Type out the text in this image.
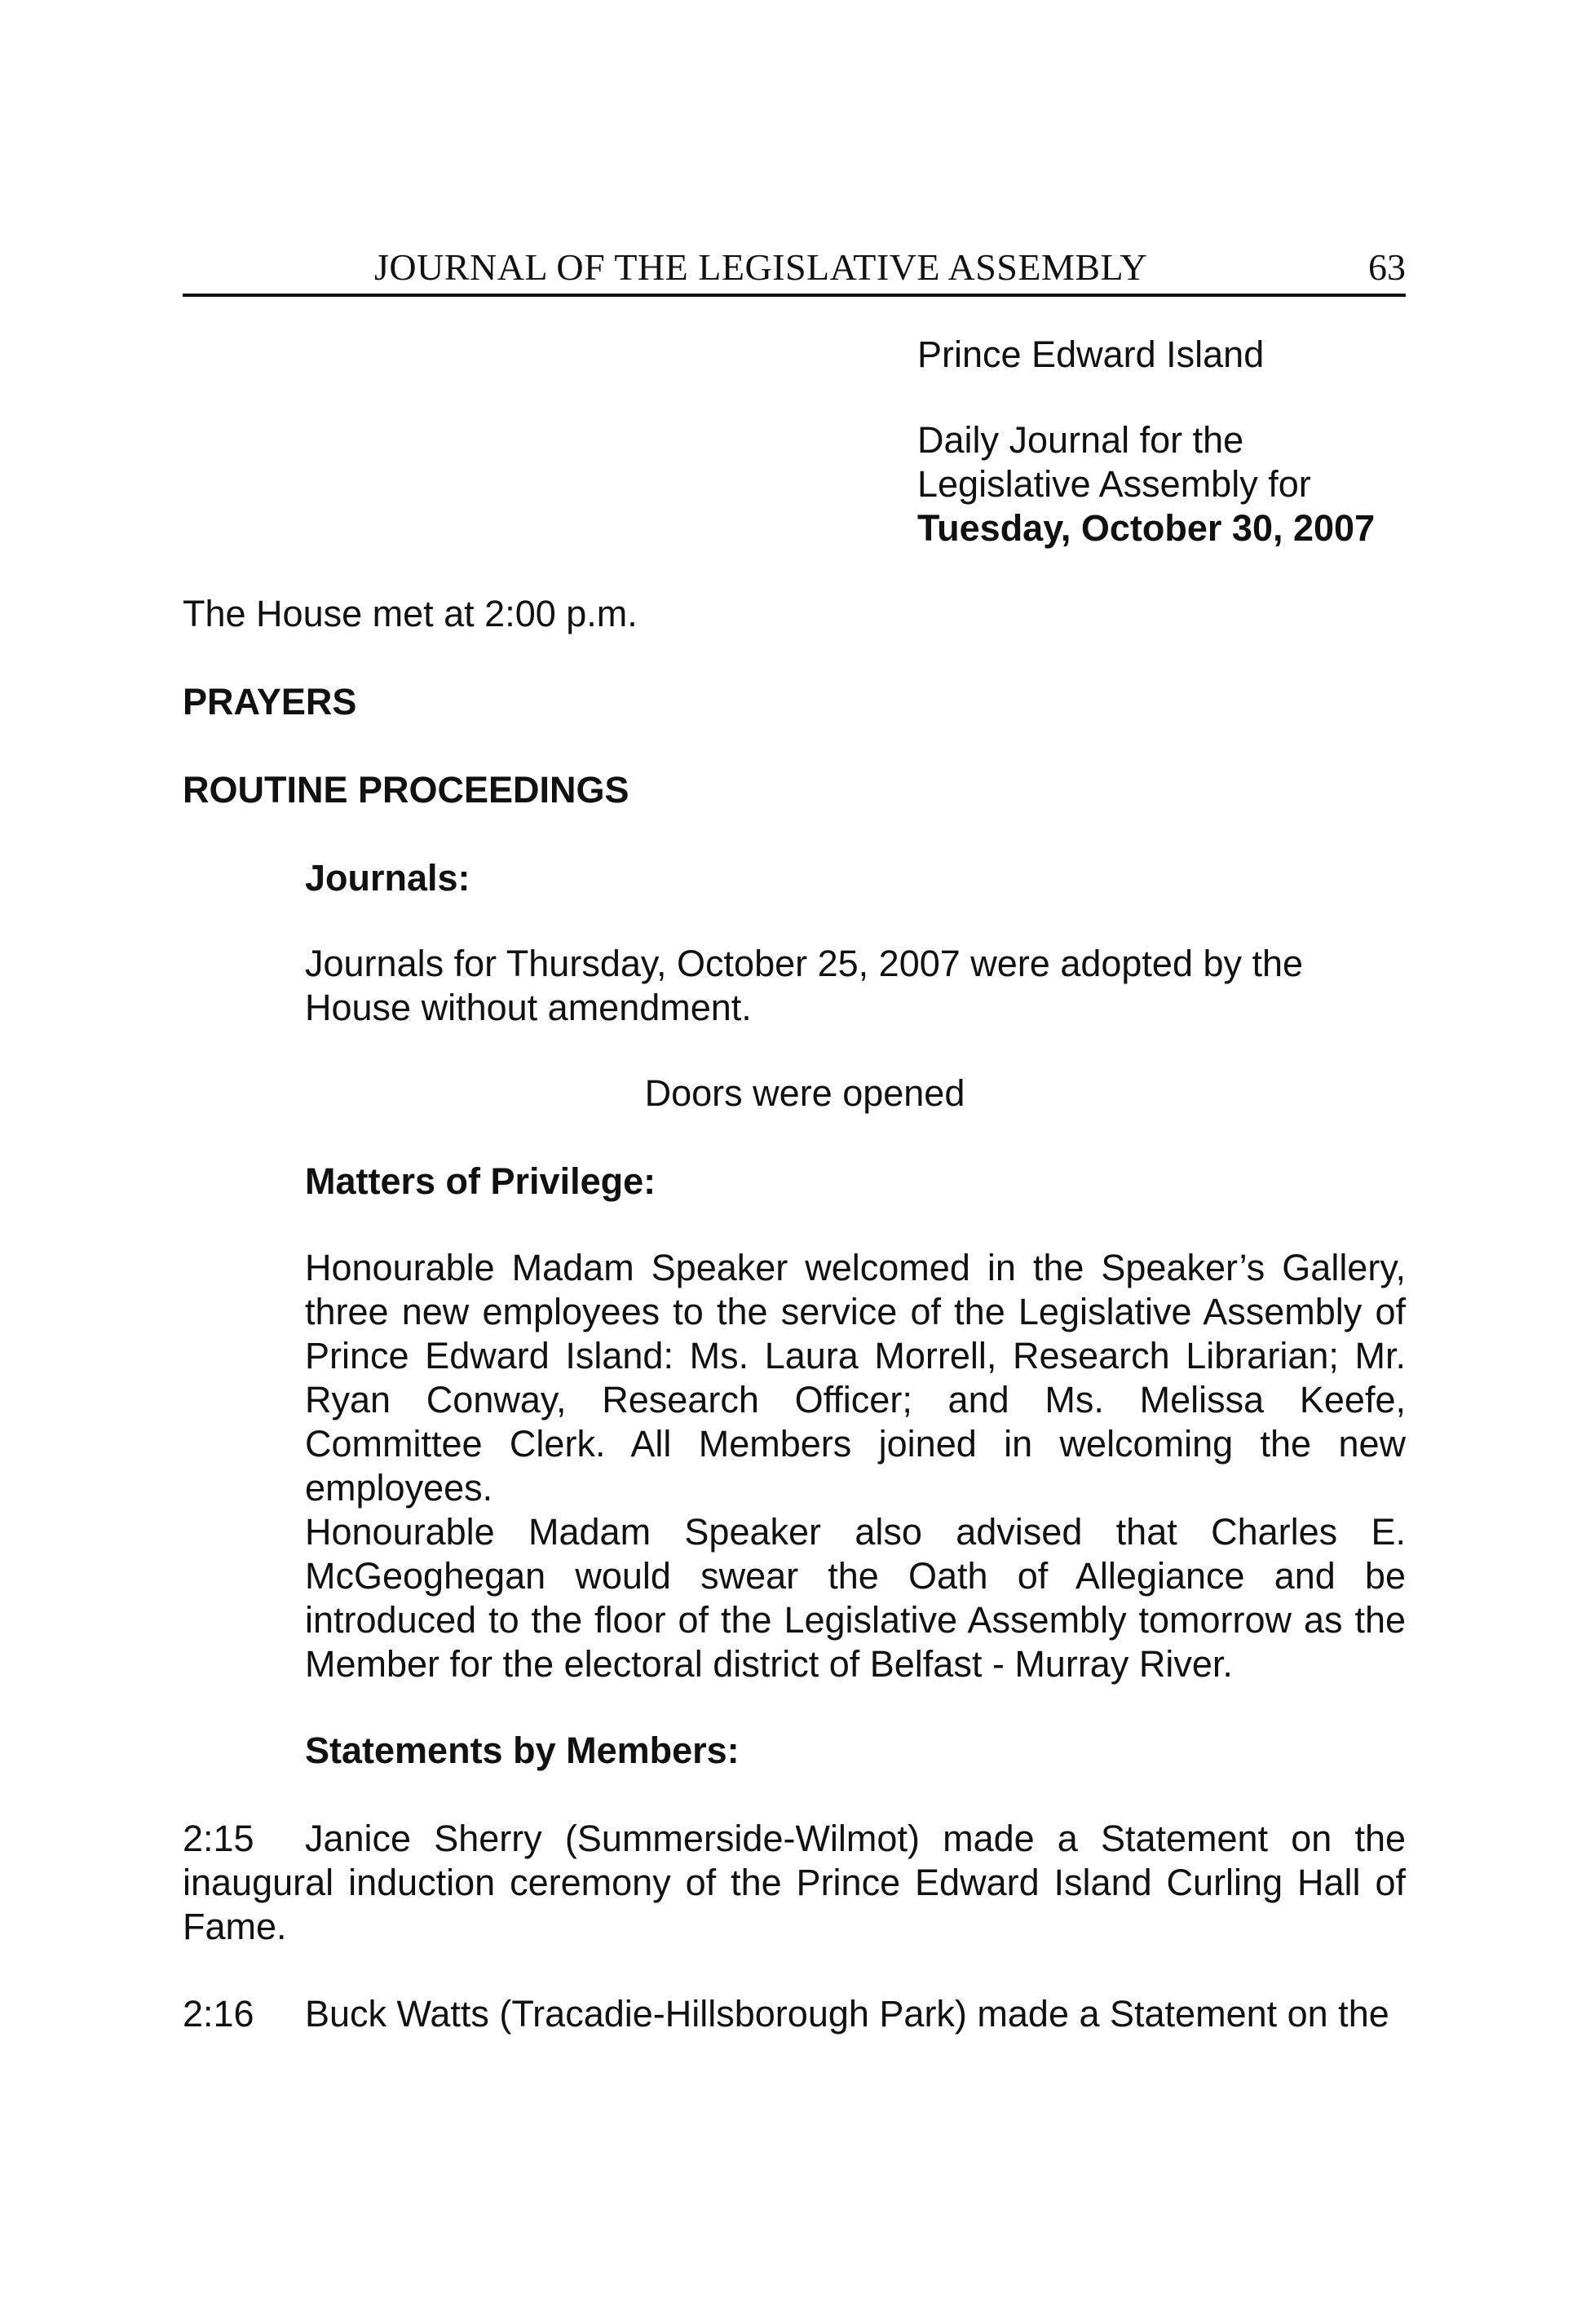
JOURNAL OF THE LEGISLATIVE ASSEMBLY	63
Prince Edward Island
Daily Journal for the
Legislative Assembly for
Tuesday, October 30, 2007
The House met at 2:00 p.m.
PRAYERS
ROUTINE PROCEEDINGS
Journals:
Journals for Thursday, October 25, 2007 were adopted by the House without amendment.
Doors were opened
Matters of Privilege:
Honourable Madam Speaker welcomed in the Speaker’s Gallery, three new employees to the service of the Legislative Assembly of Prince Edward Island: Ms. Laura Morrell, Research Librarian; Mr. Ryan Conway, Research Officer; and Ms. Melissa Keefe, Committee Clerk. All Members joined in welcoming the new employees.
Honourable Madam Speaker also advised that Charles E. McGeoghegan would swear the Oath of Allegiance and be introduced to the floor of the Legislative Assembly tomorrow as the Member for the electoral district of Belfast - Murray River.
Statements by Members:
2:15 Janice Sherry (Summerside-Wilmot) made a Statement on the inaugural induction ceremony of the Prince Edward Island Curling Hall of Fame.
2:16 Buck Watts (Tracadie-Hillsborough Park) made a Statement on the
